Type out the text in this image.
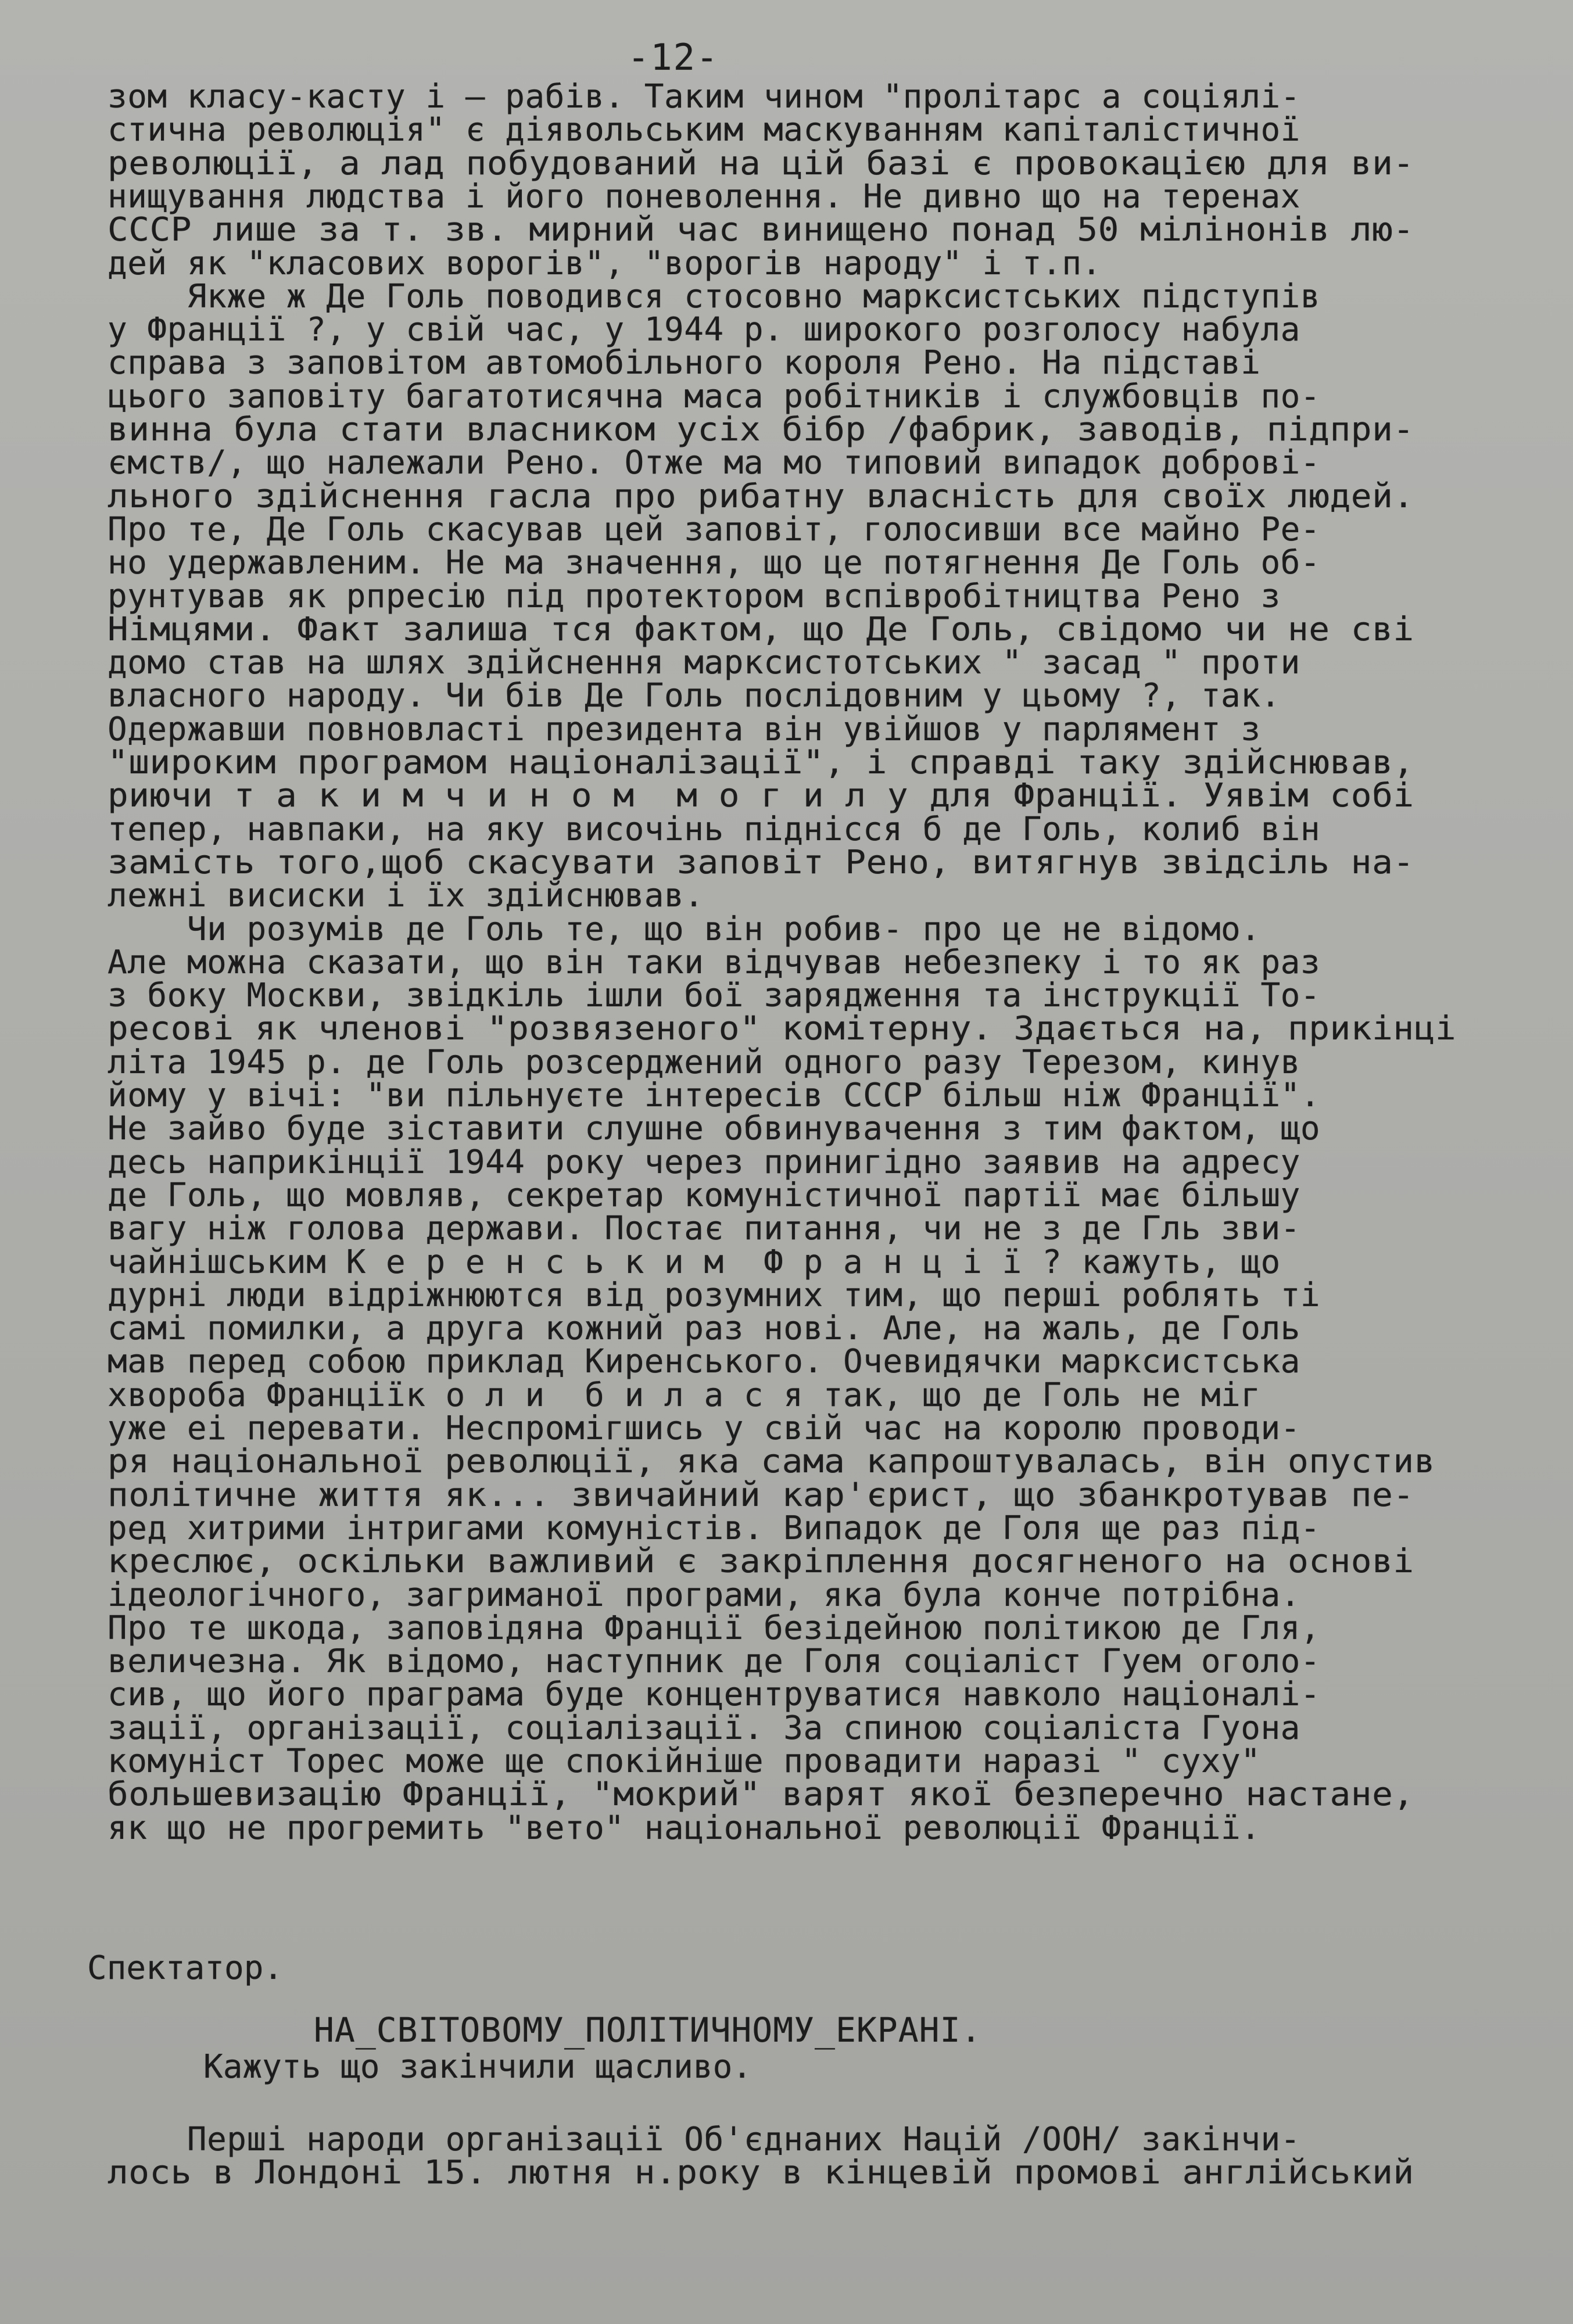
-12-
зом класу-касту і – рабів. Таким чином "пролітарс а соціялі-
стична революція" є діявольським маскуванням капіталістичної
революції, а лад побудований на цій базі є провокацією для ви-
нищування людства і його поневолення. Не дивно що на теренах
СССР лише за т. зв. мирний час винищено понад 50 мілінонів лю-
дей як "класових ворогів", "ворогів народу" і т.п.
Якже ж Де Голь поводився стосовно марксистських підступів
у Франції ?, у свій час, у 1944 р. широкого розголосу набула
справа з заповітом автомобільного короля Рено. На підставі
цього заповіту багатотисячна маса робітників і службовців по-
винна була стати власником усіх бібр /фабрик, заводів, підпри-
ємств/, що належали Рено. Отже ма мо типовий випадок доброві-
льного здійснення гасла про рибатну власність для своїх людей.
Про те, Де Голь скасував цей заповіт, голосивши все майно Ре-
но удержавленим. Не ма значення, що це потягнення Де Голь об-
рунтував як рпресію під протектором вспівробітництва Рено з
Німцями. Факт залиша тся фактом, що Де Голь, свідомо чи не сві
домо став на шлях здійснення марксистотських " засад " проти
власного народу. Чи бів Де Голь послідовним у цьому ?, так.
Одержавши повновласті президента він увійшов у парлямент з
"широким програмом націоналізації", і справді таку здійснював,
риючи т а к и м ч и н о м  м о г и л у для Франції. Уявім собі
тепер, навпаки, на яку височінь піднісся б де Голь, колиб він
замість того,щоб скасувати заповіт Рено, витягнув звідсіль на-
лежні висиски і їх здійснював.
Чи розумів де Голь те, що він робив- про це не відомо.
Але можна сказати, що він таки відчував небезпеку і то як раз
з боку Москви, звідкіль ішли бої зарядження та інструкції То-
ресові як членові "розвязеного" комітерну. Здається на, прикінці
літа 1945 р. де Голь розсерджений одного разу Терезом, кинув
йому у вічі: "ви пільнуєте інтересів СССР більш ніж Франції".
Не зайво буде зіставити слушне обвинувачення з тим фактом, що
десь наприкінції 1944 року через принигідно заявив на адресу
де Голь, що мовляв, секретар комуністичної партії має більшу
вагу ніж голова держави. Постає питання, чи не з де Гль зви-
чайнішським К е р е н с ь к и м  Ф р а н ц і ї ? кажуть, що
дурні люди відріжнюются від розумних тим, що перші роблять ті
самі помилки, а друга кожний раз нові. Але, на жаль, де Голь
мав перед собою приклад Киренського. Очевидячки марксистська
хвороба Франціїк о л и  б и л а с я так, що де Голь не міг
уже ei перевати. Неспромігшись у свій час на королю проводи-
ря національної революції, яка сама капроштувалась, він опустив
політичне життя як... звичайний кар'єрист, що збанкротував пе-
ред хитрими інтригами комуністів. Випадок де Голя ще раз під-
креслює, оскільки важливий є закріплення досягненого на основі
ідеологічного, загриманої програми, яка була конче потрібна.
Про те шкода, заповідяна Франції безідейною політикою де Гля,
величезна. Як відомо, наступник де Голя соціаліст Гуем оголо-
сив, що його праграма буде концентруватися навколо націоналі-
зації, організації, соціалізації. За спиною соціаліста Гуона
комуніст Торес може ще спокійніше провадити наразі " суху"
большевизацію Франції, "мокрий" варят якої безперечно настане,
як що не прогремить "вето" національної революції Франції.
Спектатор.
НА_СВІТОВОМУ_ПОЛІТИЧНОМУ_ЕКРАНІ.
Кажуть що закінчили щасливо.
Перші народи організації Об'єднаних Націй /ООН/ закінчи-
лось в Лондоні 15. лютня н.року в кінцевій промові англійський
